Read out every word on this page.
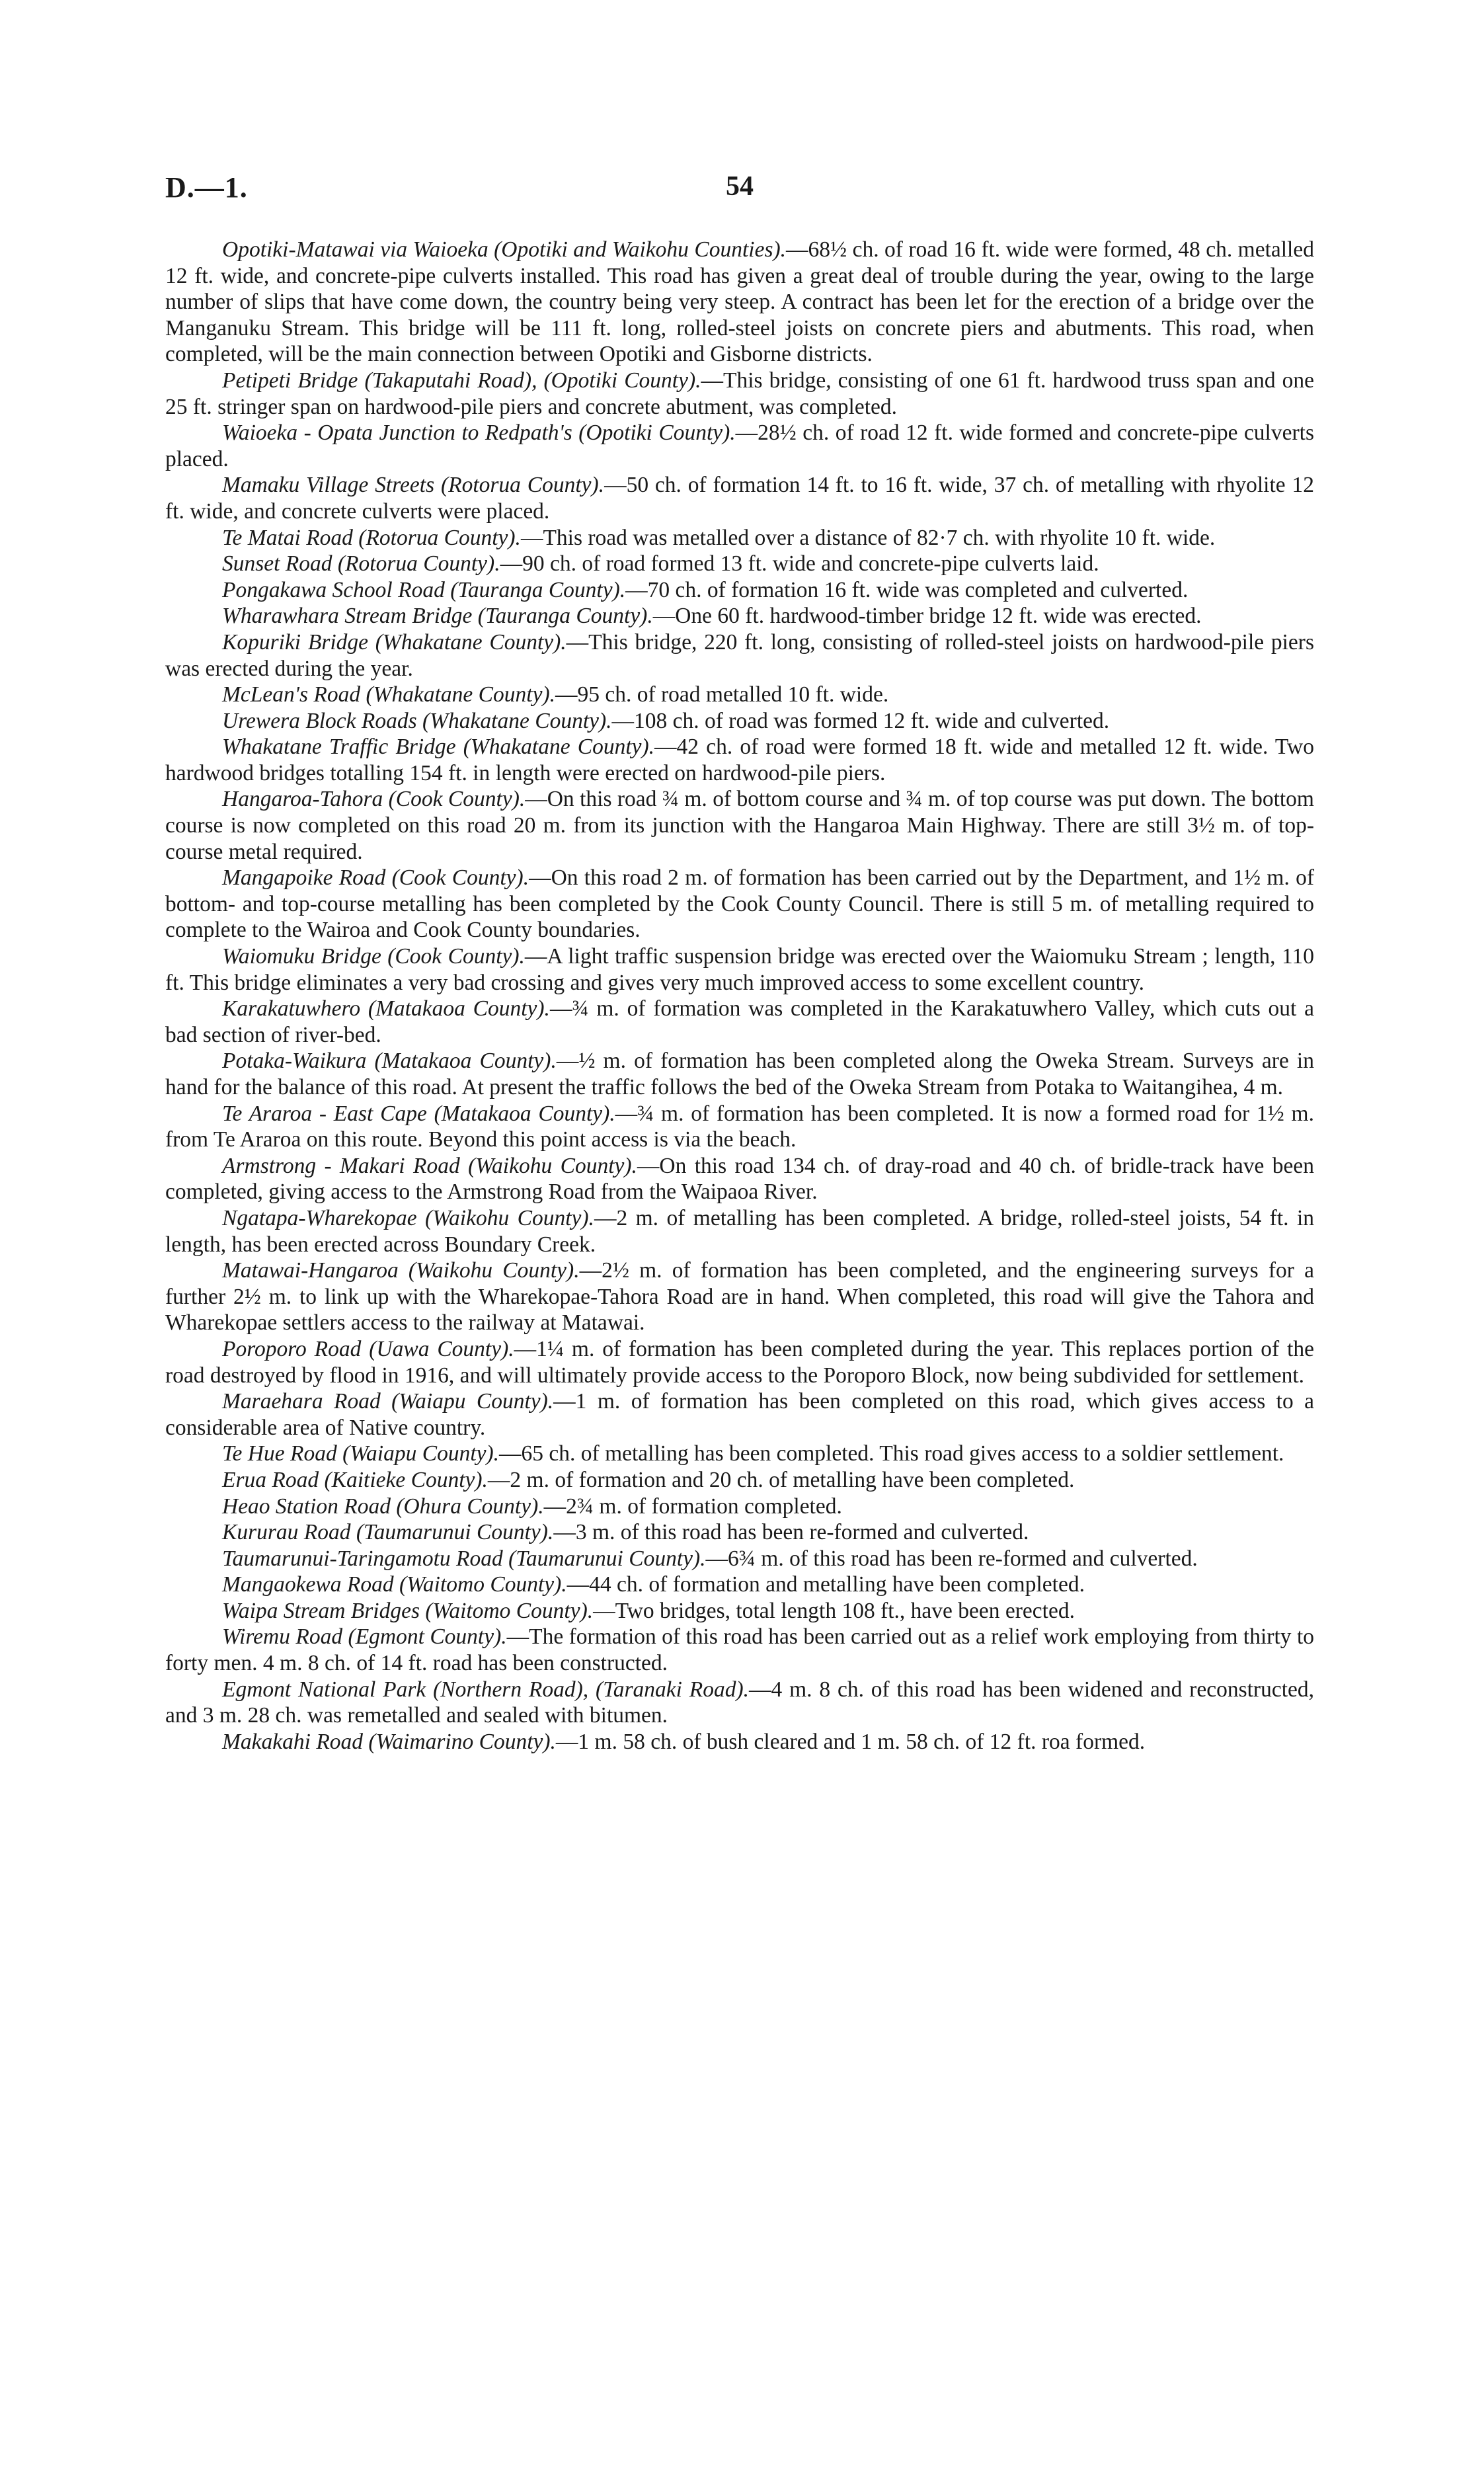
D.—1.	54

Opotiki-Matawai via Waioeka (Opotiki and Waikohu Counties).—68½ ch. of road 16 ft. wide were formed, 48 ch. metalled 12 ft. wide, and concrete-pipe culverts installed. This road has given a great deal of trouble during the year, owing to the large number of slips that have come down, the country being very steep. A contract has been let for the erection of a bridge over the Manganuku Stream. This bridge will be 111 ft. long, rolled-steel joists on concrete piers and abutments. This road, when completed, will be the main connection between Opotiki and Gisborne districts.

Petipeti Bridge (Takaputahi Road), (Opotiki County).—This bridge, consisting of one 61 ft. hardwood truss span and one 25 ft. stringer span on hardwood-pile piers and concrete abutment, was completed.

Waioeka - Opata Junction to Redpath's (Opotiki County).—28½ ch. of road 12 ft. wide formed and concrete-pipe culverts placed.

Mamaku Village Streets (Rotorua County).—50 ch. of formation 14 ft. to 16 ft. wide, 37 ch. of metalling with rhyolite 12 ft. wide, and concrete culverts were placed.

Te Matai Road (Rotorua County).—This road was metalled over a distance of 82·7 ch. with rhyolite 10 ft. wide.

Sunset Road (Rotorua County).—90 ch. of road formed 13 ft. wide and concrete-pipe culverts laid.

Pongakawa School Road (Tauranga County).—70 ch. of formation 16 ft. wide was completed and culverted.

Wharawhara Stream Bridge (Tauranga County).—One 60 ft. hardwood-timber bridge 12 ft. wide was erected.

Kopuriki Bridge (Whakatane County).—This bridge, 220 ft. long, consisting of rolled-steel joists on hardwood-pile piers was erected during the year.

McLean's Road (Whakatane County).—95 ch. of road metalled 10 ft. wide.

Urewera Block Roads (Whakatane County).—108 ch. of road was formed 12 ft. wide and culverted.

Whakatane Traffic Bridge (Whakatane County).—42 ch. of road were formed 18 ft. wide and metalled 12 ft. wide. Two hardwood bridges totalling 154 ft. in length were erected on hardwood-pile piers.

Hangaroa-Tahora (Cook County).—On this road ¾ m. of bottom course and ¾ m. of top course was put down. The bottom course is now completed on this road 20 m. from its junction with the Hangaroa Main Highway. There are still 3½ m. of top-course metal required.

Mangapoike Road (Cook County).—On this road 2 m. of formation has been carried out by the Department, and 1½ m. of bottom- and top-course metalling has been completed by the Cook County Council. There is still 5 m. of metalling required to complete to the Wairoa and Cook County boundaries.

Waiomuku Bridge (Cook County).—A light traffic suspension bridge was erected over the Waiomuku Stream ; length, 110 ft. This bridge eliminates a very bad crossing and gives very much improved access to some excellent country.

Karakatuwhero (Matakaoa County).—¾ m. of formation was completed in the Karakatuwhero Valley, which cuts out a bad section of river-bed.

Potaka-Waikura (Matakaoa County).—½ m. of formation has been completed along the Oweka Stream. Surveys are in hand for the balance of this road. At present the traffic follows the bed of the Oweka Stream from Potaka to Waitangihea, 4 m.

Te Araroa - East Cape (Matakaoa County).—¾ m. of formation has been completed. It is now a formed road for 1½ m. from Te Araroa on this route. Beyond this point access is via the beach.

Armstrong - Makari Road (Waikohu County).—On this road 134 ch. of dray-road and 40 ch. of bridle-track have been completed, giving access to the Armstrong Road from the Waipaoa River.

Ngatapa-Wharekopae (Waikohu County).—2 m. of metalling has been completed. A bridge, rolled-steel joists, 54 ft. in length, has been erected across Boundary Creek.

Matawai-Hangaroa (Waikohu County).—2½ m. of formation has been completed, and the engineering surveys for a further 2½ m. to link up with the Wharekopae-Tahora Road are in hand. When completed, this road will give the Tahora and Wharekopae settlers access to the railway at Matawai.

Poroporo Road (Uawa County).—1¼ m. of formation has been completed during the year. This replaces portion of the road destroyed by flood in 1916, and will ultimately provide access to the Poroporo Block, now being subdivided for settlement.

Maraehara Road (Waiapu County).—1 m. of formation has been completed on this road, which gives access to a considerable area of Native country.

Te Hue Road (Waiapu County).—65 ch. of metalling has been completed. This road gives access to a soldier settlement.

Erua Road (Kaitieke County).—2 m. of formation and 20 ch. of metalling have been completed.

Heao Station Road (Ohura County).—2¾ m. of formation completed.

Kururau Road (Taumarunui County).—3 m. of this road has been re-formed and culverted.

Taumarunui-Taringamotu Road (Taumarunui County).—6¾ m. of this road has been re-formed and culverted.

Mangaokewa Road (Waitomo County).—44 ch. of formation and metalling have been completed.

Waipa Stream Bridges (Waitomo County).—Two bridges, total length 108 ft., have been erected.

Wiremu Road (Egmont County).—The formation of this road has been carried out as a relief work employing from thirty to forty men. 4 m. 8 ch. of 14 ft. road has been constructed.

Egmont National Park (Northern Road), (Taranaki Road).—4 m. 8 ch. of this road has been widened and reconstructed, and 3 m. 28 ch. was remetalled and sealed with bitumen.

Makakahi Road (Waimarino County).—1 m. 58 ch. of bush cleared and 1 m. 58 ch. of 12 ft. roa formed.
